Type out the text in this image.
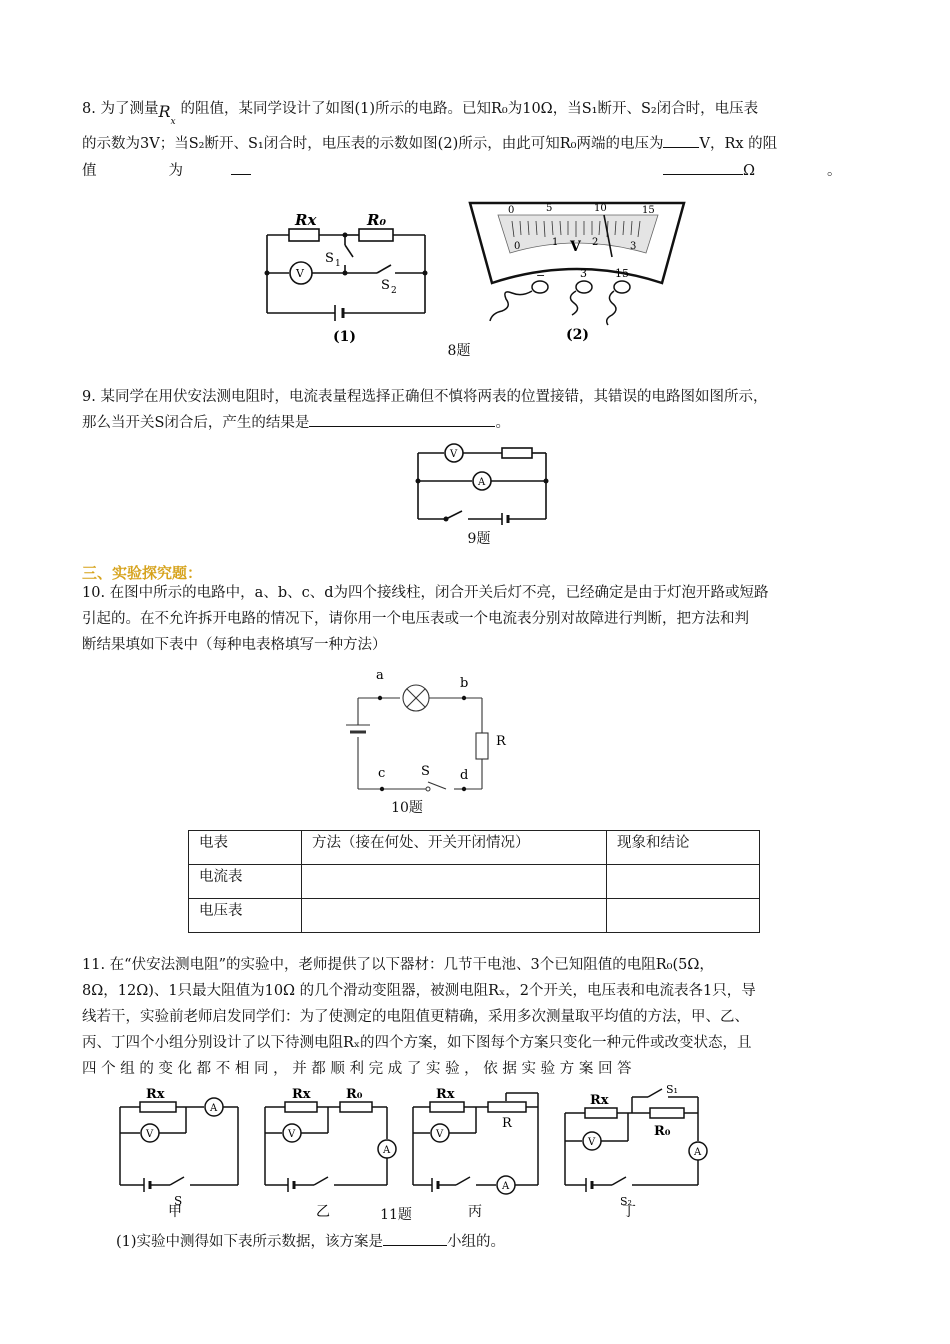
8. 为了测量 R
x
的阻值，某同学设计了如图(1)所示的电路。已知R₀为10Ω，当S₁断开、S₂闭合时，电压表
的示数为3V；当S₂断开、S₁闭合时，电压表的示数如图(2)所示，由此可知R₀两端的电压为 V，Rx 的阻
值	为	Ω	。
Rx	R₀
V
S 1
S 2
(1)
0	5	10	15
0	1	2	3
V
−	3	15
(2)
8题
9. 某同学在用伏安法测电阻时，电流表量程选择正确但不慎将两表的位置接错，其错误的电路图如图所示，
那么当开关S闭合后，产生的结果是	。
V
A
9题
三、实验探究题：
10. 在图中所示的电路中，a、b、c、d为四个接线柱，闭合开关后灯不亮，已经确定是由于灯泡开路或短路
引起的。在不允许拆开电路的情况下，请你用一个电压表或一个电流表分别对故障进行判断，把方法和判
断结果填如下表中（每种电表格填写一种方法）
a
b
c	d
S
R
10题
电表	方法（接在何处、开关开闭情况）	现象和结论
电流表		
电压表		
11. 在“伏安法测电阻”的实验中，老师提供了以下器材：几节干电池、3个已知阻值的电阻R₀(5Ω，
8Ω，12Ω)、1只最大阻值为10Ω 的几个滑动变阻器，被测电阻Rₓ，2个开关，电压表和电流表各1只，导
线若干，实验前老师启发同学们：为了使测定的电阻值更精确，采用多次测量取平均值的方法，甲、乙、
丙、丁四个小组分别设计了以下待测电阻Rₓ的四个方案，如下图每个方案只变化一种元件或改变状态，且
四 个 组 的 变 化 都 不 相 同 ， 并 都 顺 利 完 成 了 实 验 ， 依 据 实 验 方 案 回 答
Rx
A
V
S
Rx	R₀
A
V
Rx
R
V
A
Rx
R₀
S₁
S₂
A
V
甲	乙	丙	丁
11题
(1)实验中测得如下表所示数据，该方案是	小组的。
